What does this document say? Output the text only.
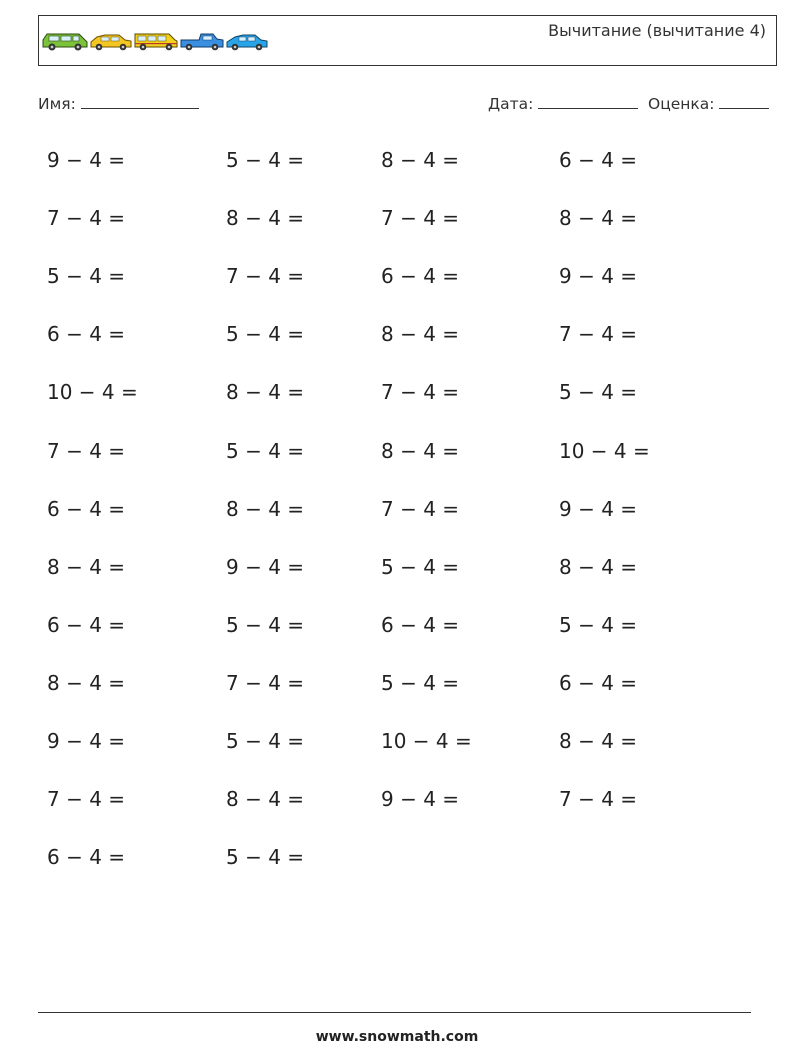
Вычитание (вычитание 4)
Имя:	Дата:	Оценка:
9 − 4 =	5 − 4 =	8 − 4 =	6 − 4 =
7 − 4 =	8 − 4 =	7 − 4 =	8 − 4 =
5 − 4 =	7 − 4 =	6 − 4 =	9 − 4 =
6 − 4 =	5 − 4 =	8 − 4 =	7 − 4 =
10 − 4 =	8 − 4 =	7 − 4 =	5 − 4 =
7 − 4 =	5 − 4 =	8 − 4 =	10 − 4 =
6 − 4 =	8 − 4 =	7 − 4 =	9 − 4 =
8 − 4 =	9 − 4 =	5 − 4 =	8 − 4 =
6 − 4 =	5 − 4 =	6 − 4 =	5 − 4 =
8 − 4 =	7 − 4 =	5 − 4 =	6 − 4 =
9 − 4 =	5 − 4 =	10 − 4 =	8 − 4 =
7 − 4 =	8 − 4 =	9 − 4 =	7 − 4 =
6 − 4 =	5 − 4 =
www.snowmath.com
